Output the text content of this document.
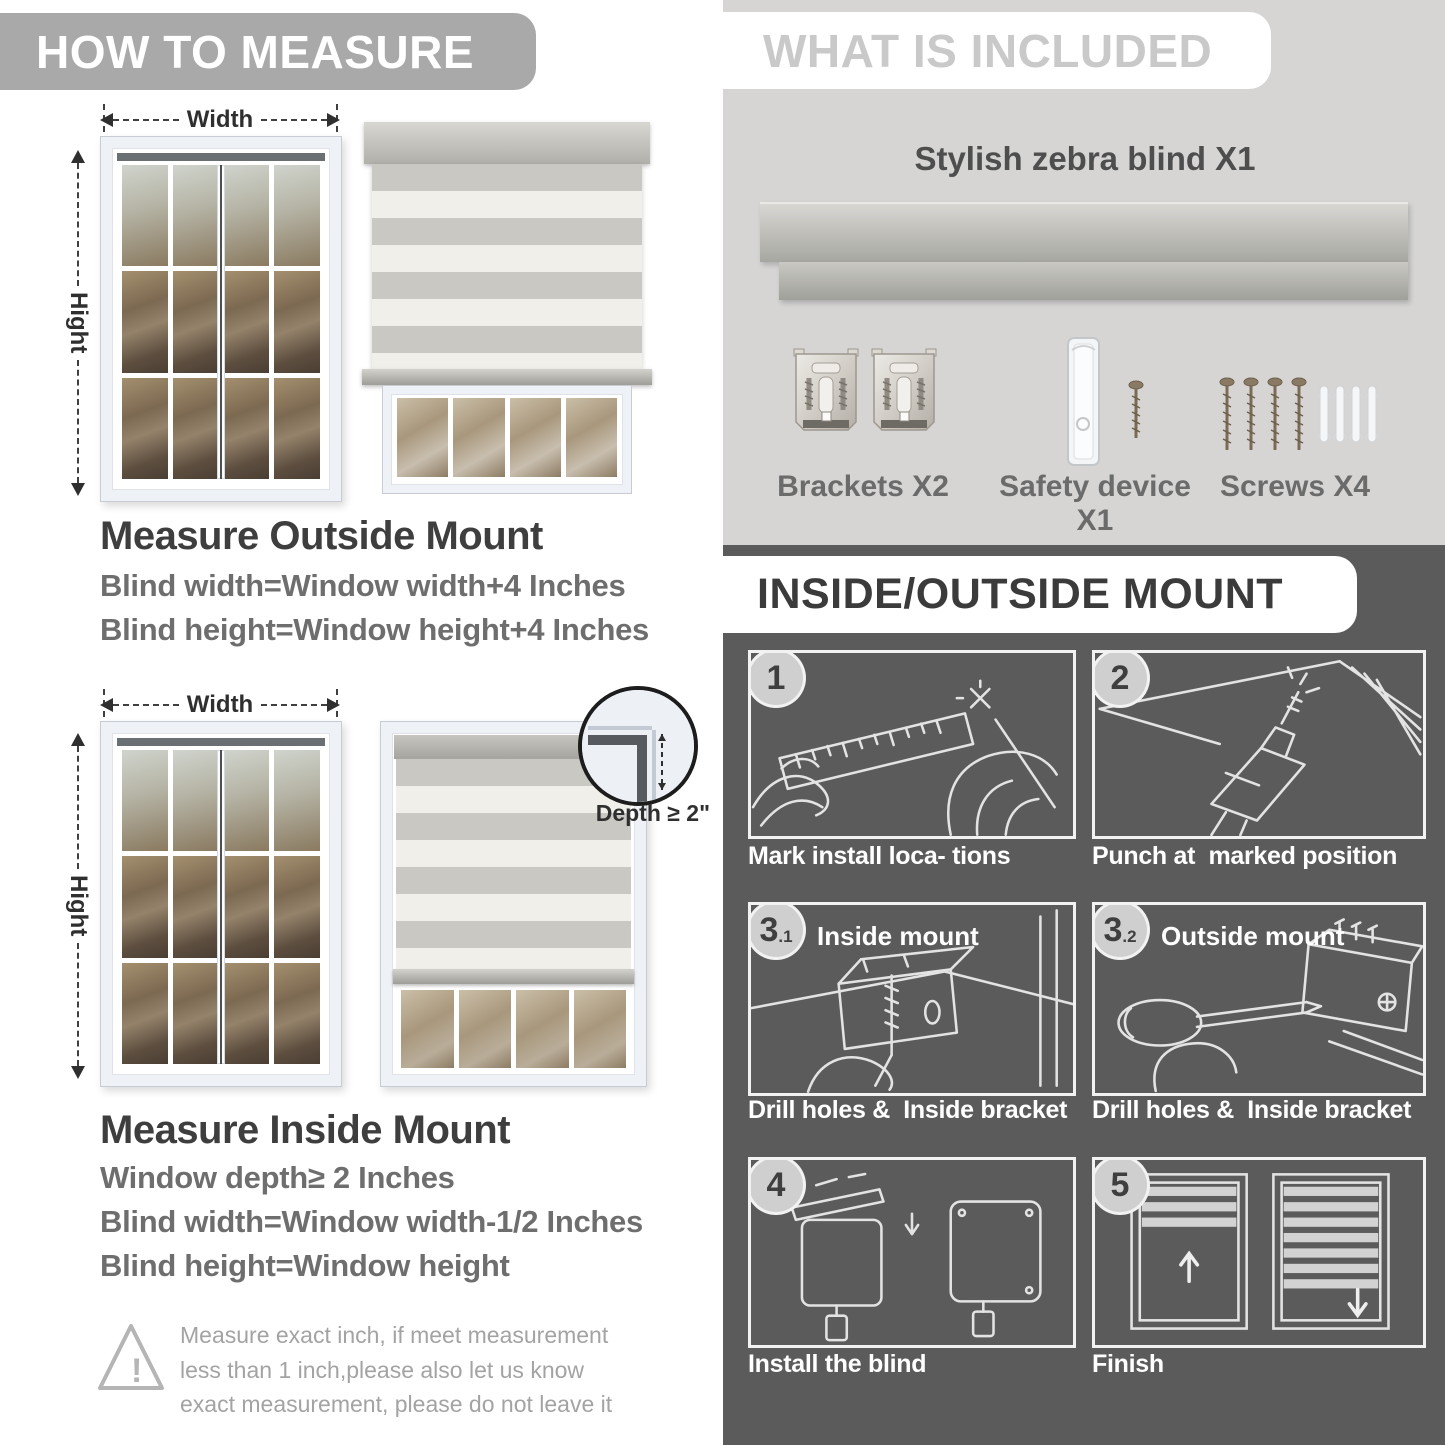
HOW TO MEASURE
Width
Hight
Measure Outside Mount
Blind width=Window width+4 Inches
Blind height=Window height+4 Inches
Width
Hight
Depth ≥ 2"
Measure Inside Mount
Window depth≥ 2 Inches
Blind width=Window width-1/2 Inches
Blind height=Window height
!
Measure exact inch, if meet measurement less than 1 inch,please also let us know exact measurement, please do not leave it
WHAT IS INCLUDED
Stylish zebra blind X1
Brackets X2	Safety device X1
Screws X4
INSIDE/OUTSIDE MOUNT
1
Mark install loca- tions
2
Punch at  marked position
3 .1 Inside mount
Drill holes &  Inside bracket
3 .2 Outside mount
Drill holes &  Inside bracket
4
Install the blind
5
Finish
